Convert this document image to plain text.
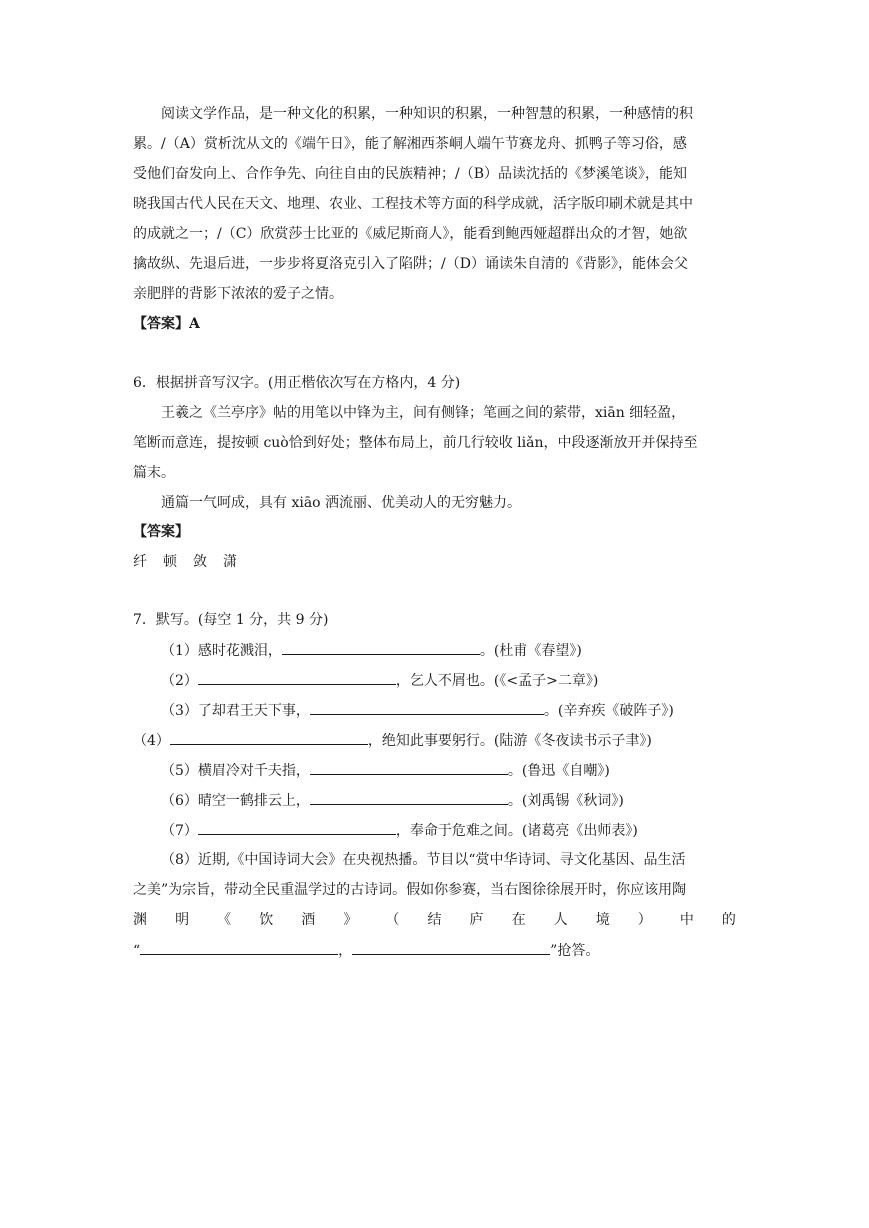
阅读文学作品，是一种文化的积累，一种知识的积累，一种智慧的积累，一种感情的积
累。/（A）赏析沈从文的《端午日》，能了解湘西茶峒人端午节赛龙舟、抓鸭子等习俗，感
受他们奋发向上、合作争先、向往自由的民族精神；/（B）品读沈括的《梦溪笔谈》，能知
晓我国古代人民在天文、地理、农业、工程技术等方面的科学成就，活字版印刷术就是其中
的成就之一；/（C）欣赏莎士比亚的《威尼斯商人》，能看到鲍西娅超群出众的才智，她欲
擒故纵、先退后进，一步步将夏洛克引入了陷阱；/（D）诵读朱自清的《背影》，能体会父
亲肥胖的背影下浓浓的爱子之情。
【答案】A
6．根据拼音写汉字。(用正楷依次写在方格内，4 分)
王羲之《兰亭序》帖的用笔以中锋为主，间有侧锋；笔画之间的萦带，xiān 细轻盈，
笔断而意连，提按顿 cuò恰到好处；整体布局上，前几行较收 liǎn，中段逐渐放开并保持至
篇末。
通篇一气呵成，具有 xiāo 洒流丽、优美动人的无穷魅力。
【答案】
纤 顿 敛 潇
7．默写。(每空 1 分，共 9 分)
（1）感时花溅泪，	。(杜甫《春望》)
（2）	，乞人不屑也。(《<孟子>二章》)
（3）了却君王天下事，	。(辛弃疾《破阵子》)
（4）	，绝知此事要躬行。(陆游《冬夜读书示子聿》)
（5）横眉冷对千夫指，	。(鲁迅《自嘲》)
（6）晴空一鹤排云上，	。(刘禹锡《秋词》)
（7）	，奉命于危难之间。(诸葛亮《出师表》)
（8）近期,《中国诗词大会》在央视热播。节目以“赏中华诗词、寻文化基因、品生活
之美”为宗旨，带动全民重温学过的古诗词。假如你参赛，当右图徐徐展开时，你应该用陶
渊 明 《 饮 酒 》 （ 结 庐 在 人 境 ） 中 的
“	，	”抢答。
